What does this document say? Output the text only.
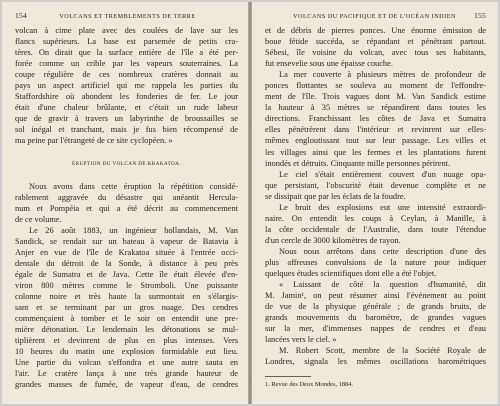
154	VOLCANS ET TREMBLEMENTS DE TERRE

volcan à cime plate avec des coulées de lave sur les
flancs supérieurs. La base est parsemée de petits cra-
tères. On dirait que la surface entière de l'île a été per-
forée comme un crible par les vapeurs souterraines. La
coupe régulière de ces nombreux cratères donnait au
pays un aspect artificiel qui me rappela les parties du
Staffordshire où abondent les fonderies de fer. Le jour
était d'une chaleur brûlante, et c'était un rude labeur
que de gravir à travers un labyrinthe de broussailles se
sol inégal et tranchant, mais je fus bien récompensé de
ma peine par l'étrangeté de ce site cyclopéen. »

ÉRUPTION DU VOLCAN DE KRAKATOA.

Nous avons dans cette éruption la répétition considé-
rablement aggravée du désastre qui anéantit Hercula-
num et Pompéia et qui a été décrit au commencement
de ce volume.

Le 26 août 1883, un ingénieur hollandais, M. Van
Sandick, se rendait sur un bateau à vapeur de Batavia à
Anjer en vue de l'île de Krakatoa située à l'entrée occi-
dentale du détroit de la Sonde, à distance à peu près
égale de Sumatra et de Java. Cette île était élevée d'en-
viron 800 mètres comme le Stromboli. Une puissante
colonne noire et très haute la surmontait en s'élargis-
sant et se terminant par un gros nuage. Des cendres
commençaient à tomber et le soir on entendit une pre-
mière détonation. Le lendemain les détonations se mul-
tiplièrent et devinrent de plus en plus intenses. Vers
10 heures du matin une explosion formidable eut lieu.
Une partie du volcan s'effondra et une autre sauta en
l'air. Le cratère lança à une très grande hauteur de
grandes masses de fumée, de vapeur d'eau, de cendres

VOLCANS DU PACIFIQUE ET DE L'OCÉAN INDIEN 155

et de débris de pierres ponces. Une énorme émission de
boue fétide succéda, se répandant et pénétrant partout.
Sébesi, île voisine du volcan, avec tous ses habitants,
fut ensevelie sous une épaisse couche.

La mer couverte à plusieurs mètres de profondeur de
ponces flottantes se souleva au moment de l'effondre-
ment de l'île. Trois vagues dont M. Van Sandick estime
la hauteur à 35 mètres se répandirent dans toutes les
directions. Franchissant les côtes de Java et Sumatra
elles pénétrèrent dans l'intérieur et revinrent sur elles-
mêmes engloutissant tout sur leur passage. Les villes et
les villages ainsi que les fermes et les plantations furent
inondés et détruits. Cinquante mille personnes périrent.

Le ciel s'était entièrement couvert d'un nuage opa-
que persistant, l'obscurité était devenue complète et ne
se dissipait que par les éclats de la foudre.

Le bruit des explosions eut une intensité extraordi-
naire. On entendit les coups à Ceylan, à Manille, à
la côte occidentale de l'Australie, dans toute l'étendue
d'un cercle de 3000 kilomètres de rayon.

Nous nous arrêtons dans cette description d'une des
plus affreuses convulsions de la nature pour indiquer
quelques études scientifiques dont elle a été l'objet.

« Laissant de côté la question d'humanité, dit
M. Jamin¹, on peut résumer ainsi l'événement au point
de vue de la physique générale ; de grands bruits, de
grands mouvements du baromètre, de grandes vagues
sur la mer, d'immenses nappes de cendres et d'eau
lancées vers le ciel. »

M. Robert Scott, membre de la Société Royale de
Londres, signala les mêmes oscillations barométriques

1. Revue des Deux Mondes, 1884.
